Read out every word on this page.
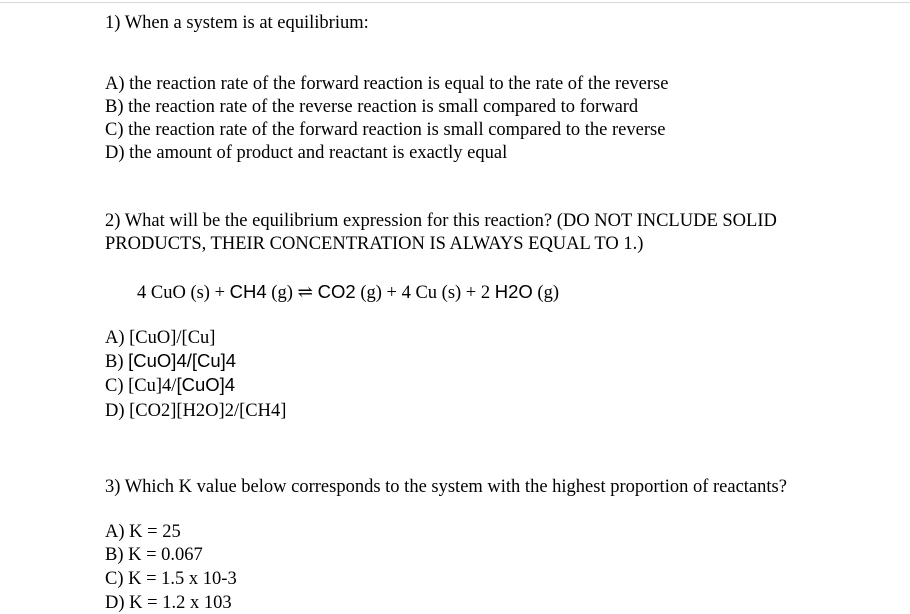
1) When a system is at equilibrium:
A) the reaction rate of the forward reaction is equal to the rate of the reverse
B) the reaction rate of the reverse reaction is small compared to forward
C) the reaction rate of the forward reaction is small compared to the reverse
D) the amount of product and reactant is exactly equal
2) What will be the equilibrium expression for this reaction? (DO NOT INCLUDE SOLID
PRODUCTS, THEIR CONCENTRATION IS ALWAYS EQUAL TO 1.)
4 CuO (s) + CH4 (g) ⇌ CO2 (g) + 4 Cu (s) + 2 H2O (g)
A) [CuO]/[Cu]
B) [CuO]4/[Cu]4
C) [Cu]4/[CuO]4
D) [CO2][H2O]2/[CH4]
3) Which K value below corresponds to the system with the highest proportion of reactants?
A) K = 25
B) K = 0.067
C) K = 1.5 x 10-3
D) K = 1.2 x 103
